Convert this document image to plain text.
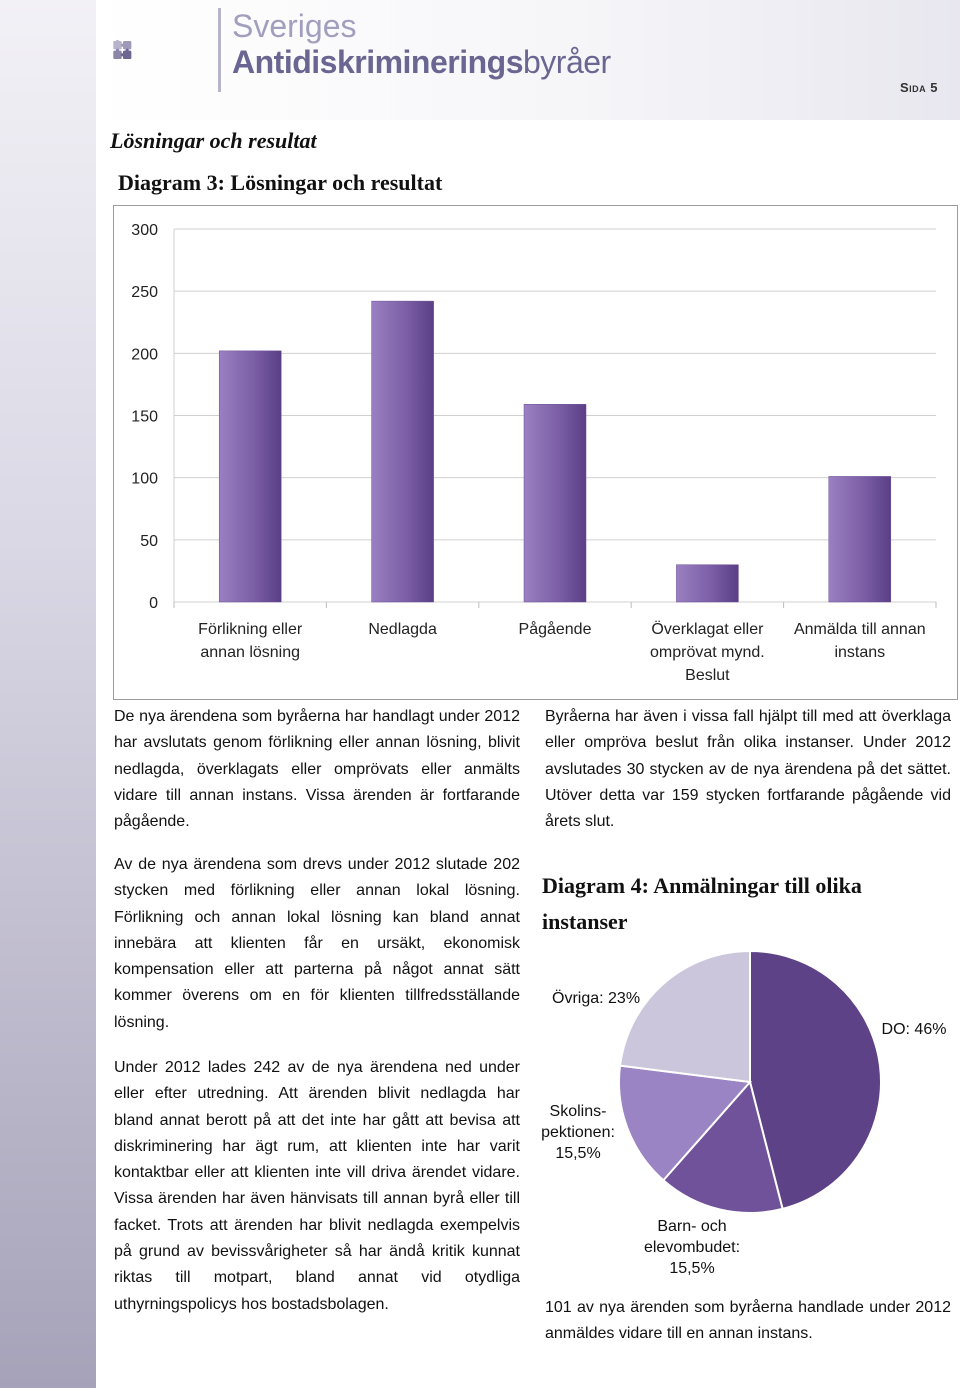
Sveriges
Antidiskrimineringsbyråer
Sida 5
Lösningar och resultat
Diagram 3: Lösningar och resultat
0
50
100
150
200
250
300
Förlikning eller
annan lösning
Nedlagda	Pågående	Överklagat eller
omprövat mynd.
Beslut
Anmälda till annan
instans
De nya ärendena som byråerna har handlagt under 2012 har avslutats genom förlikning eller annan lösning, blivit nedlagda, överklagats eller omprövats eller anmälts vidare till annan instans. Vissa ärenden är fortfarande pågående.
Av de nya ärendena som drevs under 2012 slutade 202 stycken med förlikning eller annan lokal lösning. Förlikning och annan lokal lösning kan bland annat innebära att klienten får en ursäkt, ekonomisk kompensation eller att parterna på något annat sätt kommer överens om en för klienten tillfredsställande lösning.
Under 2012 lades 242 av de nya ärendena ned under eller efter utredning. Att ärenden blivit nedlagda har bland annat berott på att det inte har gått att bevisa att diskriminering har ägt rum, att klienten inte har varit kontaktbar eller att klienten inte vill driva ärendet vidare. Vissa ärenden har även hänvisats till annan byrå eller till facket. Trots att ärenden har blivit nedlagda exempelvis på grund av bevissvårigheter så har ändå kritik kunnat riktas till motpart, bland annat vid otydliga uthyrningspolicys hos bostadsbolagen.
Byråerna har även i vissa fall hjälpt till med att överklaga eller ompröva beslut från olika instanser. Under 2012 avslutades 30 stycken av de nya ärendena på det sättet. Utöver detta var 159 stycken fortfarande pågående vid årets slut.
Diagram 4: Anmälningar till olika instanser
DO: 46%
Barn- och elevombudet: 15,5%
Skolins-pektionen: 15,5%
Övriga: 23%
101 av nya ärenden som byråerna handlade under 2012 anmäldes vidare till en annan instans.
